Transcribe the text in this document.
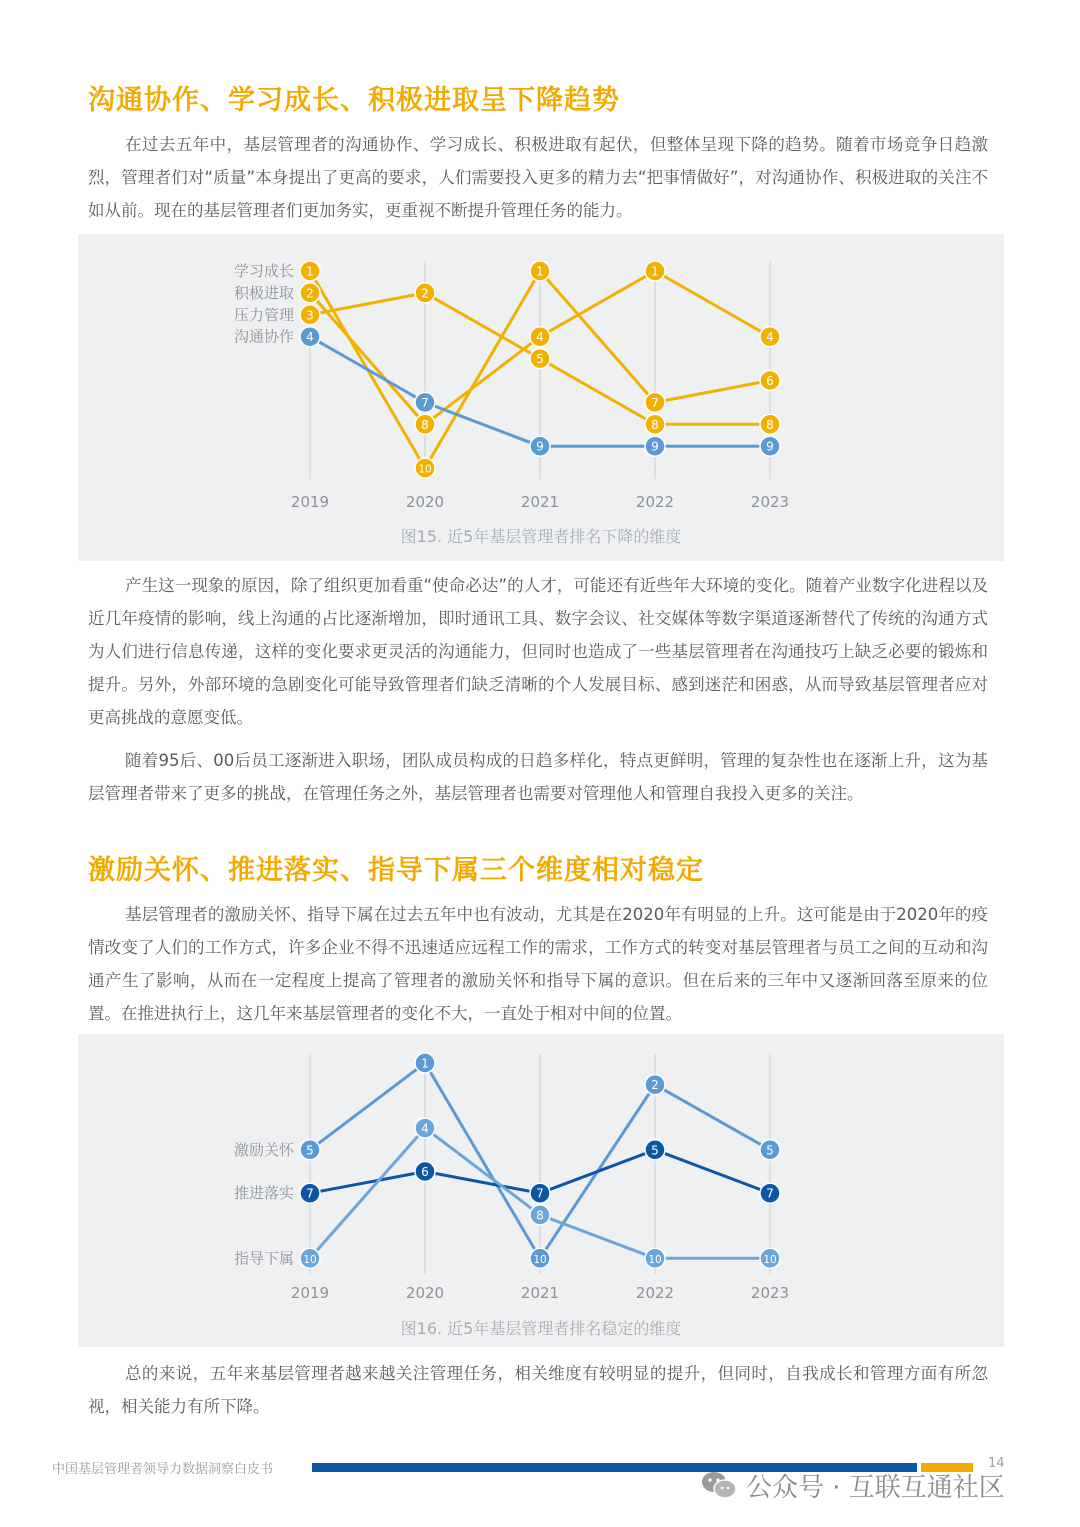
沟通协作、学习成长、积极进取呈下降趋势

在过去五年中，基层管理者的沟通协作、学习成长、积极进取有起伏，但整体呈现下降的趋势。随着市场竞争日趋激烈，管理者们对“质量”本身提出了更高的要求，人们需要投入更多的精力去“把事情做好”，对沟通协作、积极进取的关注不如从前。现在的基层管理者们更加务实，更重视不断提升管理任务的能力。

2019	2020	2021	2022	2023
学习成长
积极进取
压力管理
沟通协作
1
10
1
7
6
2
8
4
1
4
3
2
5
8	8
4
7
9	9	9
图15. 近5年基层管理者排名下降的维度

产生这一现象的原因，除了组织更加看重“使命必达”的人才，可能还有近些年大环境的变化。随着产业数字化进程以及近几年疫情的影响，线上沟通的占比逐渐增加，即时通讯工具、数字会议、社交媒体等数字渠道逐渐替代了传统的沟通方式为人们进行信息传递，这样的变化要求更灵活的沟通能力，但同时也造成了一些基层管理者在沟通技巧上缺乏必要的锻炼和提升。另外，外部环境的急剧变化可能导致管理者们缺乏清晰的个人发展目标、感到迷茫和困惑，从而导致基层管理者应对更高挑战的意愿变低。

随着95后、00后员工逐渐进入职场，团队成员构成的日趋多样化，特点更鲜明，管理的复杂性也在逐渐上升，这为基层管理者带来了更多的挑战，在管理任务之外，基层管理者也需要对管理他人和管理自我投入更多的关注。

激励关怀、推进落实、指导下属三个维度相对稳定

基层管理者的激励关怀、指导下属在过去五年中也有波动，尤其是在2020年有明显的上升。这可能是由于2020年的疫情改变了人们的工作方式，许多企业不得不迅速适应远程工作的需求，工作方式的转变对基层管理者与员工之间的互动和沟通产生了影响，从而在一定程度上提高了管理者的激励关怀和指导下属的意识。但在后来的三年中又逐渐回落至原来的位置。在推进执行上，这几年来基层管理者的变化不大，一直处于相对中间的位置。

2019	2020	2021	2022	2023
激励关怀
推进落实
指导下属
5
1
10
2
5
7
6
7
5
7
10
4
8
10	10
图16. 近5年基层管理者排名稳定的维度

总的来说，五年来基层管理者越来越关注管理任务，相关维度有较明显的提升，但同时，自我成长和管理方面有所忽视，相关能力有所下降。

中国基层管理者领导力数据洞察白皮书	14
公众号 · 互联互通社区
